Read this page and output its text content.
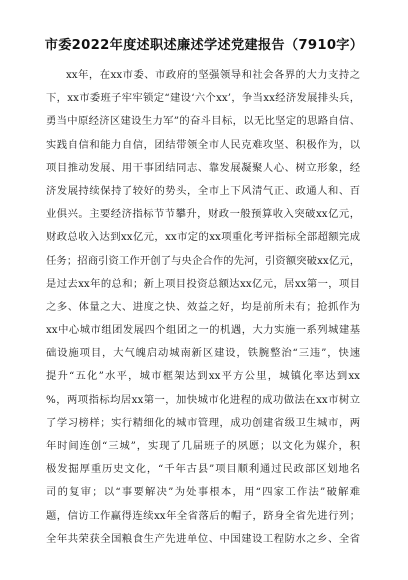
市委2022年度述职述廉述学述党建报告（7910字）
xx年，在xx市委、市政府的坚强领导和社会各界的大力支持之
下，xx市委班子牢牢锁定“建设‘六个xx’，争当xx经济发展排头兵，
勇当中原经济区建设生力军”的奋斗目标，以无比坚定的思路自信、
实践自信和能力自信，团结带领全市人民克难攻坚、积极作为，以
项目推动发展、用干事团结同志、靠发展凝聚人心、树立形象，经
济发展持续保持了较好的势头，全市上下风清气正、政通人和、百
业俱兴。主要经济指标节节攀升，财政一般预算收入突破xx亿元，
财政总收入达到xx亿元，xx市定的xx项重化考评指标全部超额完成
任务；招商引资工作开创了与央企合作的先河，引资额突破xx亿元，
是过去xx年的总和；新上项目投资总额达xx亿元，居xx第一，项目
之多、体量之大、进度之快、效益之好，均是前所未有；抢抓作为
xx中心城市组团发展四个组团之一的机遇，大力实施一系列城建基
础设施项目，大气魄启动城南新区建设，铁腕整治“三违”，快速
提升“五化”水平，城市框架达到xx平方公里，城镇化率达到xx
%，两项指标均居xx第一，加快城市化进程的成功做法在xx市树立
了学习榜样；实行精细化的城市管理，成功创建省级卫生城市，两
年时间连创“三城”，实现了几届班子的夙愿；以文化为媒介，积
极发掘厚重历史文化，“千年古县”项目顺利通过民政部区划地名
司的复审；以“事要解决”为处事根本，用“四家工作法”破解难
题，信访工作赢得连续xx年全省落后的帽子，跻身全省先进行列；
全年共荣获全国粮食生产先进单位、中国建设工程防水之乡、全省
